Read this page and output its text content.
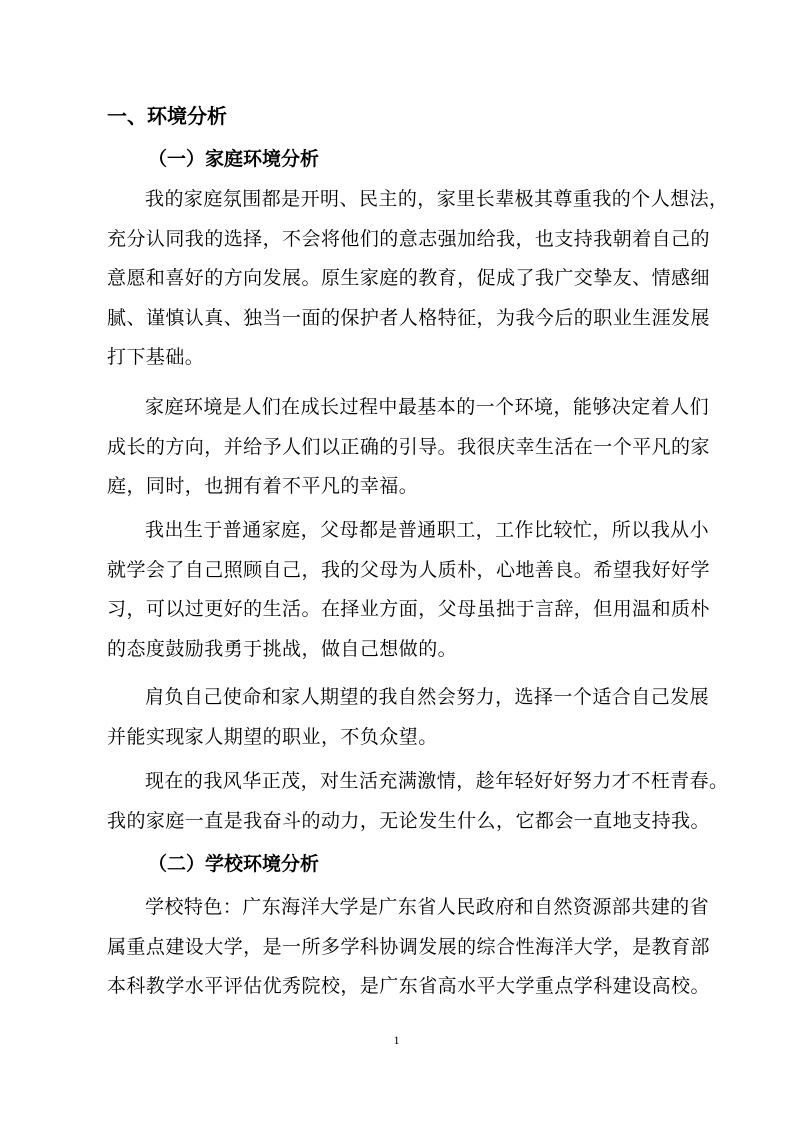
一、环境分析
（一）家庭环境分析
我的家庭氛围都是开明、民主的，家里长辈极其尊重我的个人想法，
充分认同我的选择，不会将他们的意志强加给我，也支持我朝着自己的
意愿和喜好的方向发展。原生家庭的教育，促成了我广交挚友、情感细
腻、谨慎认真、独当一面的保护者人格特征，为我今后的职业生涯发展
打下基础。
家庭环境是人们在成长过程中最基本的一个环境，能够决定着人们
成长的方向，并给予人们以正确的引导。我很庆幸生活在一个平凡的家
庭，同时，也拥有着不平凡的幸福。
我出生于普通家庭，父母都是普通职工，工作比较忙，所以我从小
就学会了自己照顾自己，我的父母为人质朴，心地善良。希望我好好学
习，可以过更好的生活。在择业方面，父母虽拙于言辞，但用温和质朴
的态度鼓励我勇于挑战，做自己想做的。
肩负自己使命和家人期望的我自然会努力，选择一个适合自己发展
并能实现家人期望的职业，不负众望。
现在的我风华正茂，对生活充满激情，趁年轻好好努力才不枉青春。
我的家庭一直是我奋斗的动力，无论发生什么，它都会一直地支持我。
（二）学校环境分析
学校特色：广东海洋大学是广东省人民政府和自然资源部共建的省
属重点建设大学，是一所多学科协调发展的综合性海洋大学，是教育部
本科教学水平评估优秀院校，是广东省高水平大学重点学科建设高校。
1
